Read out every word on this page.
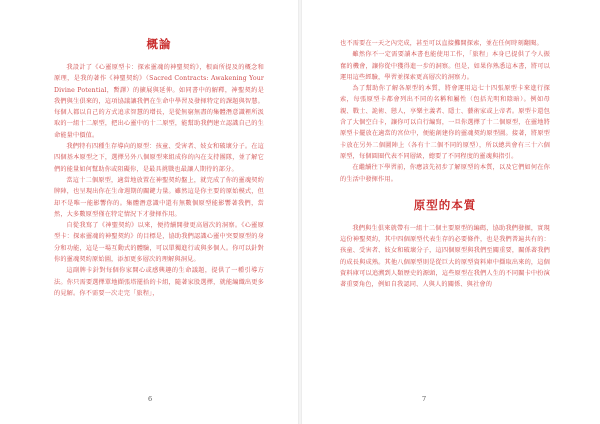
概論

我設計了《心靈原型卡：探索靈魂的神聖契約》，根面所提及的概念和原理，是我的著作《神聖契約》（Sacred Contracts: Awakening Your Divine Potential，暫譯）的擴展與延伸。如同書中的解釋，神聖契約是我們與生俱來的，這項協議讓我們在生命中學習及發揮特定的課題與智慧。每個人都以自己的方式追求智慧的增長，是從無窮無盡的集體潛意識裡所汲取的一組十二原型，把出心靈中的十二原型，能幫助我們建立認識自己的生命能量中價值。

我們特有四種生存導向的原型：孩童、受害者、妓女和破壞分子。在這四個基本原型之下，選擇另外八個原型來組成你的內在支持團隊，並了解它們的能量如何幫助你或阻礙你，是最具挑戰也最讓人期待的部分。

當這十二個原型，適當地放置在神聖契約盤上，就完成了你的靈魂契約牌陣，也呈現出你在生命週期的關鍵力量。雖然這是你主要的原始模式，但却不是唯一能影響你的。集體潛意識中還有無數個原型能影響著我們，當然，大多數原型僅在特定情況下才發揮作用。

自從我寫了《神聖契約》以來，便持續開發更高層次的洞察。《心靈原型卡：探索靈魂的神聖契約》的目標是，協助我們認識心靈中突要原型的身分和功能，這是一場互動式的體驗，可以單獨進行或與多個人。你可以針對你的靈魂契約原始圖，添加更多層次的理解與洞見。

這副牌卡針對每個你家開心或感興趣的生命議題，提供了一種引導方法。你只需要選擇單地擷張塔罷拾的卡組，隨著家股選擇，就能編織出更多的見解。你不需要一次走完「旅程」，

6

也不需要在一天之內完成，甚至可以直接攤開探索，並在任何時刻翻閱。

雖然你不一定需要讀本書也能使用工作，「旅程」本身已提供了令人振奮的機會，讓你從中獲得進一步的洞察。但是，如果你熟悉這本書，將可以運用這些經驗，學習並探索更高層次的洞察力。

為了幫助你了解各原型的本質，將會運用這七十四張原型卡來進行探索，每張原型卡都會列出不同的名稱和屬性（包括光明和陰暗）。例如母親、戰士、詭術、戀人，享樂主義者、隱士、藝術家或上帝者。原型卡還包含了大個空白卡，讓你可以自行編寫，一旦你選擇了十二個原型，在靈地將原型卡擺放在適當的宮位中，便能創建你的靈魂契約原型圖。接著，將原型卡放在另外二個圖陣上（各有十二個不同的原型），所以總共會有三十六個原型，每個圓圈代表不同層級，總要了不同程度的靈魂與指引。

在繼續往下學習前，你應該先初步了解原型的本質，以及它們如何在你的生活中發揮作用。

原型的本質

我們與生俱來就帶有一組十二個主要原型的編碼，協助我們發掘，實現這份神聖契約，其中四個原型代表生存的必要條件，也是我們普遍共有的：孩童、受害者、妓女和破壞分子，這四個原型與我們至關重要，關係著我們的成長與成熟。其他八個原型則是從巨大的原型資料庫中擷取出來的，這個資料庫可以追溯到人類歷史的源頭，這些原型在我們人生的不同關卡中扮演著重要角色，例如自我認同、人與人的關係、與社會的

7
